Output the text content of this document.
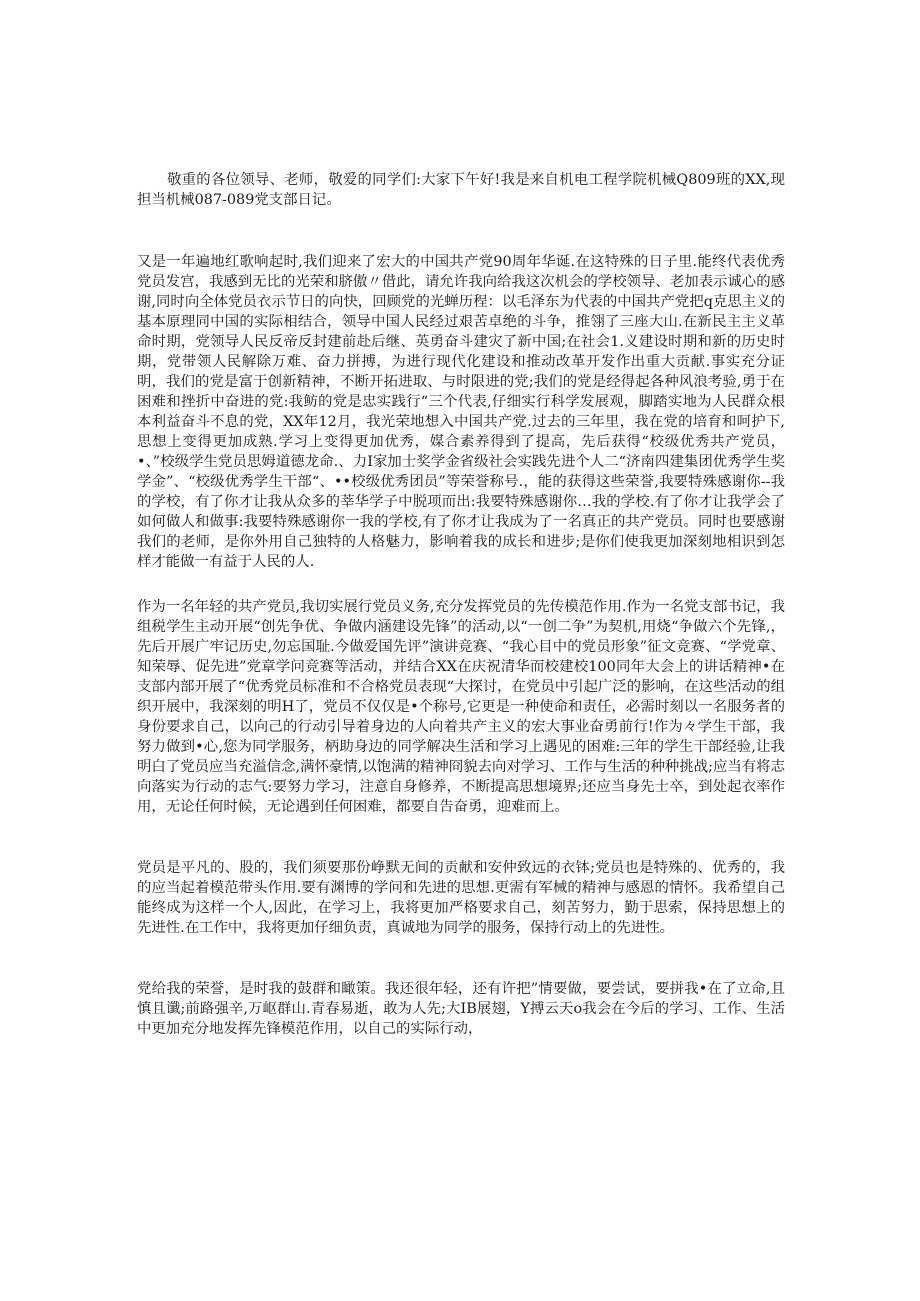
敬重的各位领导、老师，敬爱的同学们:大家下午好!我是来自机电工程学院机械Q809班的XX,现担当机械087-089党支部日记。

又是一年遍地红歌响起时,我们迎来了宏大的中国共产党90周年华诞.在这特殊的日子里.能终代表优秀党员发宫，我感到无比的光荣和脐傲〃借此，请允许我向给我这次机会的学校领导、老加表示诚心的感谢,同时向全体党员衣示节日的向快，回顾党的光蝉历程：以毛泽东为代表的中国共产党把q克思主义的基本原理同中国的实际相结合，领导中国人民经过艰苦卓绝的斗争，推翎了三座大山.在新民主主义革命时期，党领导人民反帝反封建前赴后继、英勇奋斗建灾了新中国;在社会1.义建设时期和新的历史时期，党带领人民解除万难、奋力拼搏，为进行现代化建设和推动改革开发作出重大贡献.事实充分证明，我们的党是富于创新精神，不断开拓进取、与时限进的党;我们的党是经得起各种风浪考验,勇于在困难和挫折中奋进的党:我鲂的党是忠实践行“三个代表,仔细实行科学发展观，脚踏实地为人民群众根本利益奋斗不息的党，XX年12月，我光荣地想入中国共产党.过去的三年里，我在党的培育和呵护下,思想上变得更加成熟.学习上变得更加优秀，媒合素养得到了提高，先后获得“校级优秀共产党员，•、”校级学生党员思姆道德龙命.、力I家加士奖学金省级社会实践先进个人二“济南四建集团优秀学生奖学金”、“校级优秀学生干部“、••校级优秀团员”等荣誉称号.，能的获得这些荣誉,我要特殊感谢你--我的学校，有了你才让我从众多的莘华学子中脱项而出:我要特殊感谢你…我的学校.有了你才让我学会了如何做人和做事:我要特殊感谢你一我的学校,有了你才让我成为了一名真正的共产党员。同时也要感谢我们的老师，是你外用自己独特的人格魅力，影响着我的成长和进步;是你们使我更加深刻地相识到怎样才能做一有益于人民的人.

作为一名年轻的共产党员,我切实展行党员义务,充分发挥党员的先传模范作用.作为一名党支部书记，我组税学生主动开展“创先争优、争做内涵建设先锋”的活动,以“一创二争”为契机,用烧“争做六个先锋,，先后开展广牢记历史,勿忘国耻.今做爱国先评”演讲竞赛、“我心目中的党员形象”征文竞赛、“学党章、知荣辱、促先进”党章学问竞赛等活动，并结合XX在庆祝清华而校建校100同年大会上的讲话精神•在支部内部开展了“优秀党员标准和不合格党员表现“大探讨，在党员中引起广泛的影响，在这些活动的组织开展中，我深刻的明H了，党员不仅仅是•个称号,它更是一种使命和责任，必需时刻以一名服务者的身份要求自己，以向己的行动引导着身边的人向着共产主义的宏大事业奋勇前行!作为々学生干部，我努力做到•心,您为同学服务，柄助身边的同学解决生活和学习上遇见的困难:三年的学生干部经验,让我明白了党员应当充溢信念,满怀豪情,以饱满的精神冏貌去向对学习、工作与生活的种种挑战;应当有将志向落实为行动的志气:要努力学习，注意自身修养，不断提高思想境界;还应当身先士卒，到处起衣率作用，无论任何时候，无论遇到任何困难，都要自告奋勇，迎难而上。

党员是平凡的、股的，我们须要那份峥默无间的贡献和安仲致远的衣钵;党员也是特殊的、优秀的，我的应当起着模范带头作用.要有渊博的学问和先进的思想.更需有军械的精神与感恩的情怀。我希望自己能终成为这样一个人,因此，在学习上，我将更加严格要求自己，刻苦努力，勤于思索，保持思想上的先进性.在工作中，我将更加仔细负责，真诚地为同学的服务，保持行动上的先进性。

党给我的荣誉，是时我的鼓群和瞰策。我还很年轻，还有许把”情要做，要尝试，要拼我•在了立命,且慎且谶;前路强辛,万岖群山.青春易逝，敢为人先;大IB展翅，Y搏云天o我会在今后的学习、工作、生活中更加充分地发挥先锋模范作用，以自己的实际行动，
